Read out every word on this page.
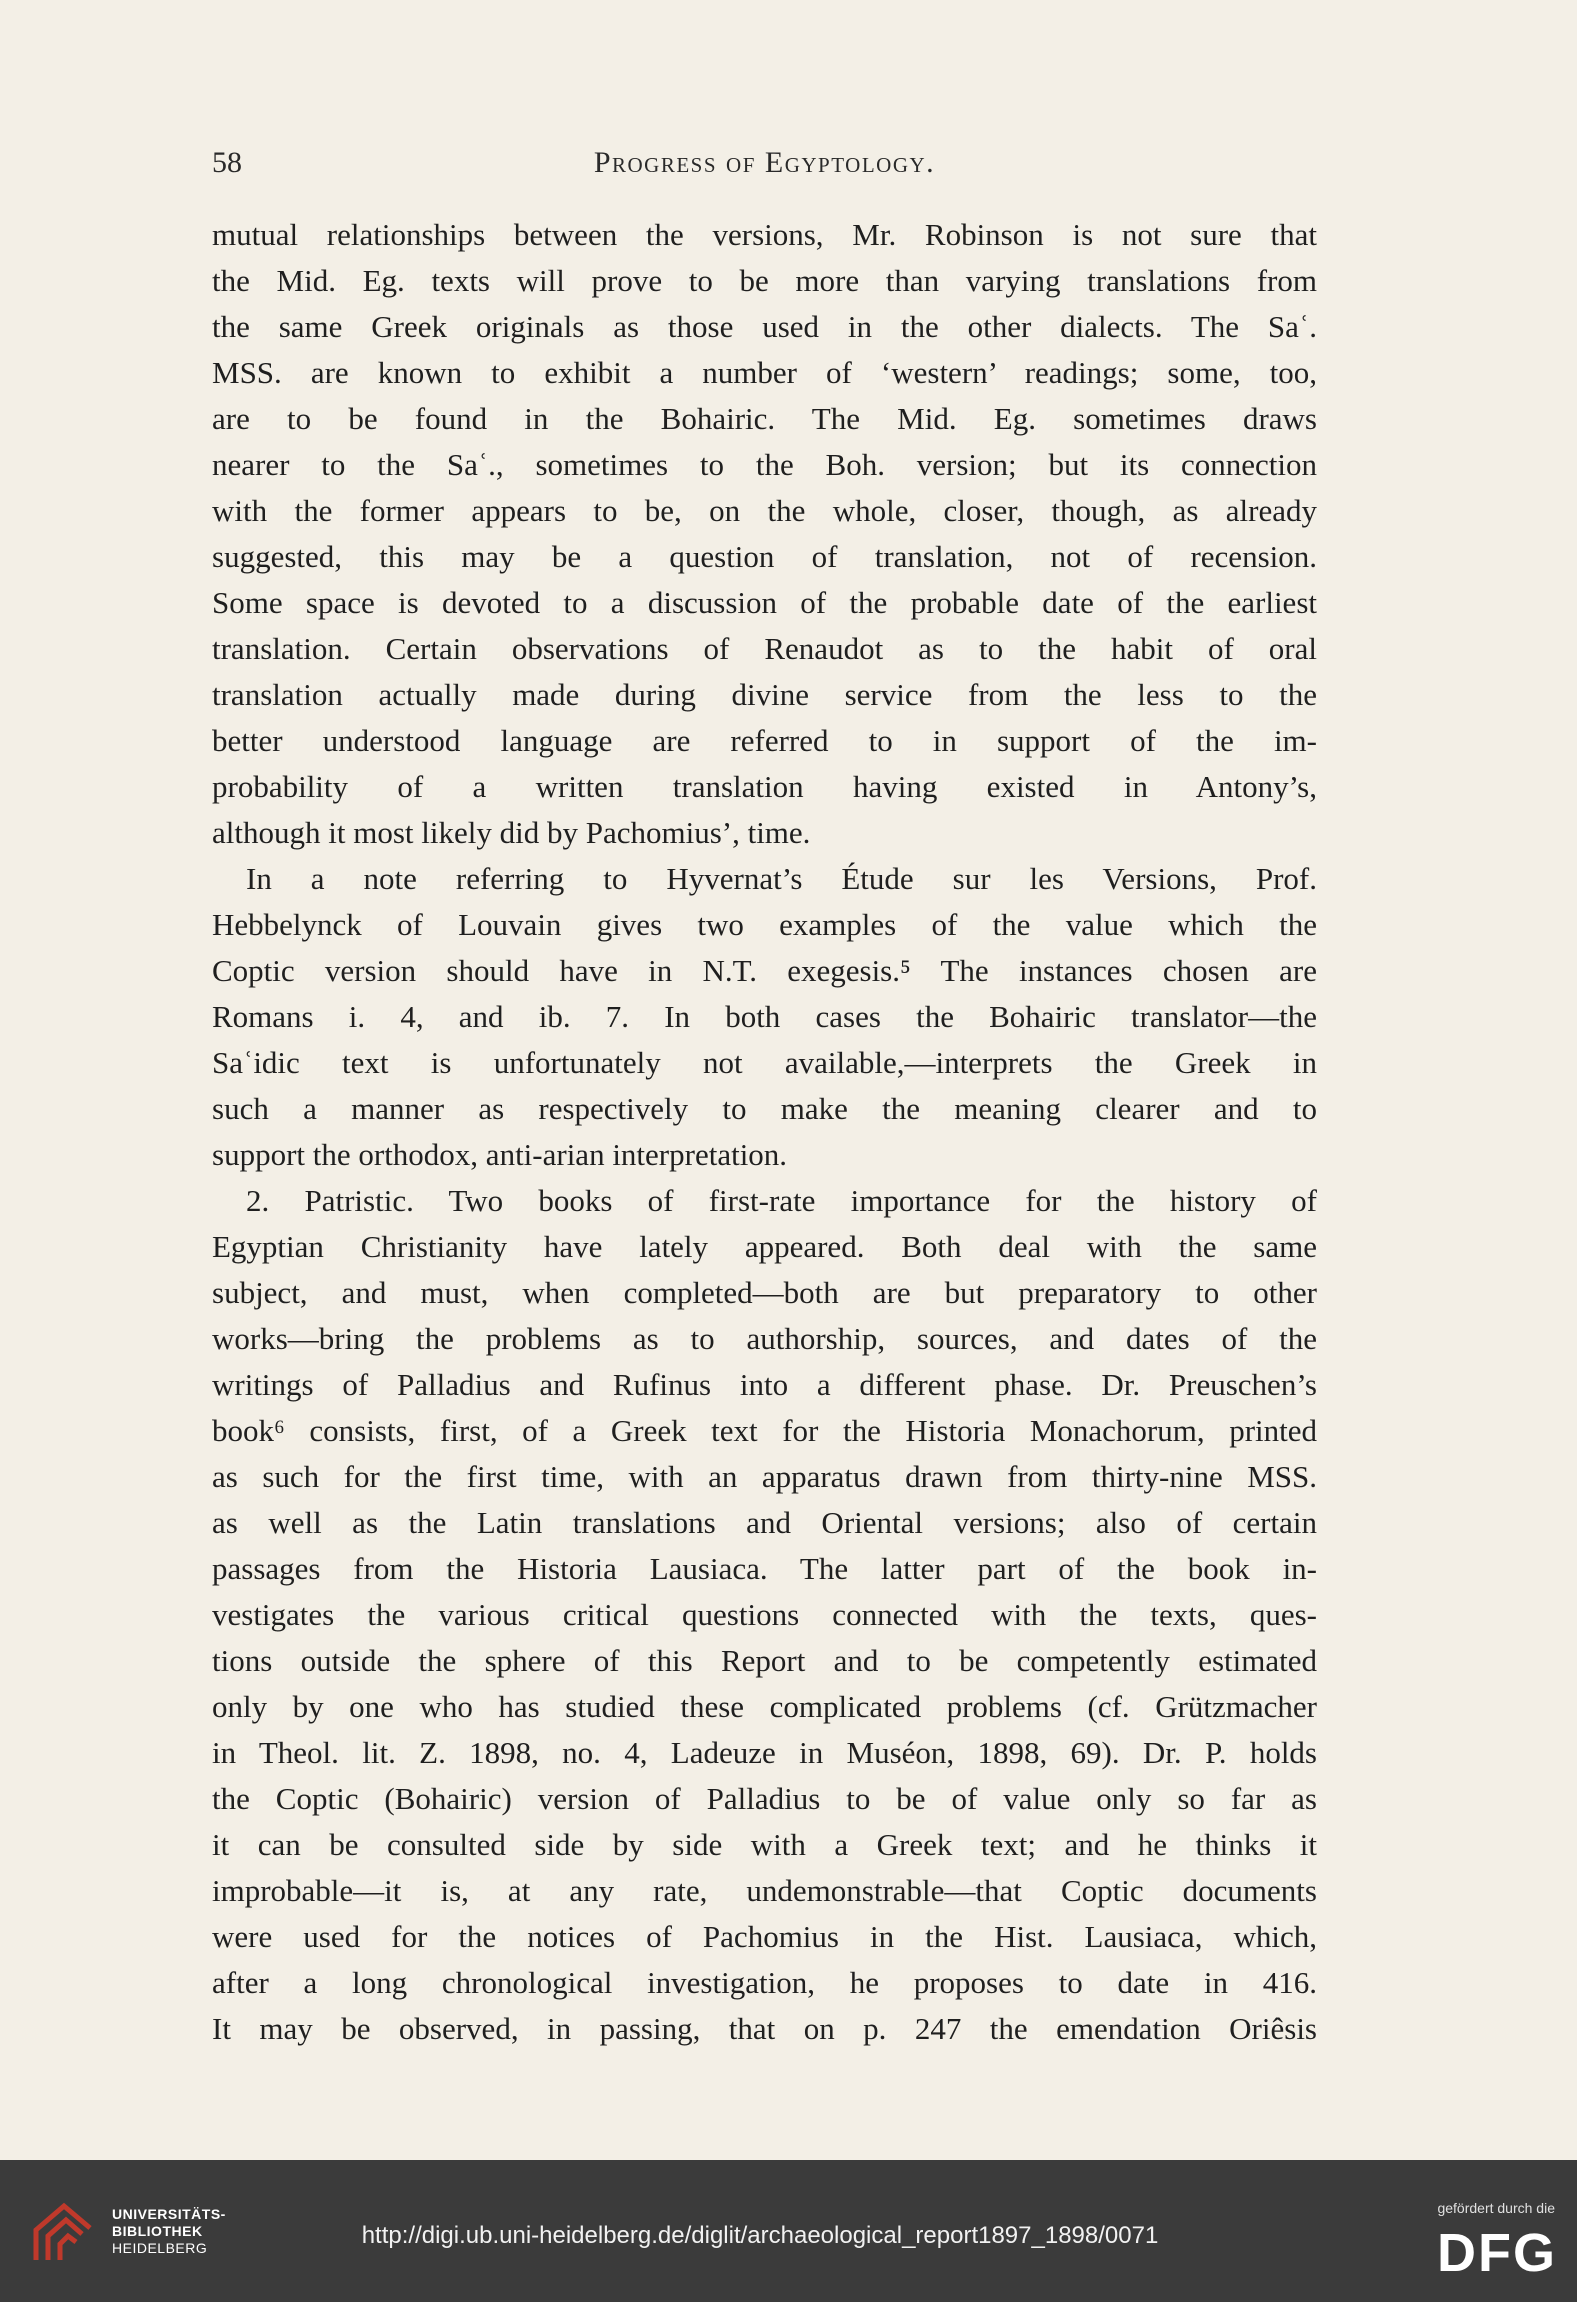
58	Progress of Egyptology.
mutual relationships between the versions, Mr. Robinson is not sure that
the Mid. Eg. texts will prove to be more than varying translations from
the same Greek originals as those used in the other dialects. The Saʿ.
MSS. are known to exhibit a number of ‘western’ readings; some, too,
are to be found in the Bohairic. The Mid. Eg. sometimes draws
nearer to the Saʿ., sometimes to the Boh. version; but its connection
with the former appears to be, on the whole, closer, though, as already
suggested, this may be a question of translation, not of recension.
Some space is devoted to a discussion of the probable date of the earliest
translation. Certain observations of Renaudot as to the habit of oral
translation actually made during divine service from the less to the
better understood language are referred to in support of the im-
probability of a written translation having existed in Antony’s,
although it most likely did by Pachomius’, time.
In a note referring to Hyvernat’s Étude sur les Versions, Prof.
Hebbelynck of Louvain gives two examples of the value which the
Coptic version should have in N.T. exegesis.⁵ The instances chosen are
Romans i. 4, and ib. 7. In both cases the Bohairic translator—the
Saʿidic text is unfortunately not available,—interprets the Greek in
such a manner as respectively to make the meaning clearer and to
support the orthodox, anti-arian interpretation.
2. Patristic. Two books of first-rate importance for the history of
Egyptian Christianity have lately appeared. Both deal with the same
subject, and must, when completed—both are but preparatory to other
works—bring the problems as to authorship, sources, and dates of the
writings of Palladius and Rufinus into a different phase. Dr. Preuschen’s
book⁶ consists, first, of a Greek text for the Historia Monachorum, printed
as such for the first time, with an apparatus drawn from thirty-nine MSS.
as well as the Latin translations and Oriental versions; also of certain
passages from the Historia Lausiaca. The latter part of the book in-
vestigates the various critical questions connected with the texts, ques-
tions outside the sphere of this Report and to be competently estimated
only by one who has studied these complicated problems (cf. Grützmacher
in Theol. lit. Z. 1898, no. 4, Ladeuze in Muséon, 1898, 69). Dr. P. holds
the Coptic (Bohairic) version of Palladius to be of value only so far as
it can be consulted side by side with a Greek text; and he thinks it
improbable—it is, at any rate, undemonstrable—that Coptic documents
were used for the notices of Pachomius in the Hist. Lausiaca, which,
after a long chronological investigation, he proposes to date in 416.
It may be observed, in passing, that on p. 247 the emendation Oriêsis
UNIVERSITÄTS-
BIBLIOTHEK
HEIDELBERG	http://digi.ub.uni-heidelberg.de/diglit/archaeological_report1897_1898/0071
gefördert durch die
DFG
